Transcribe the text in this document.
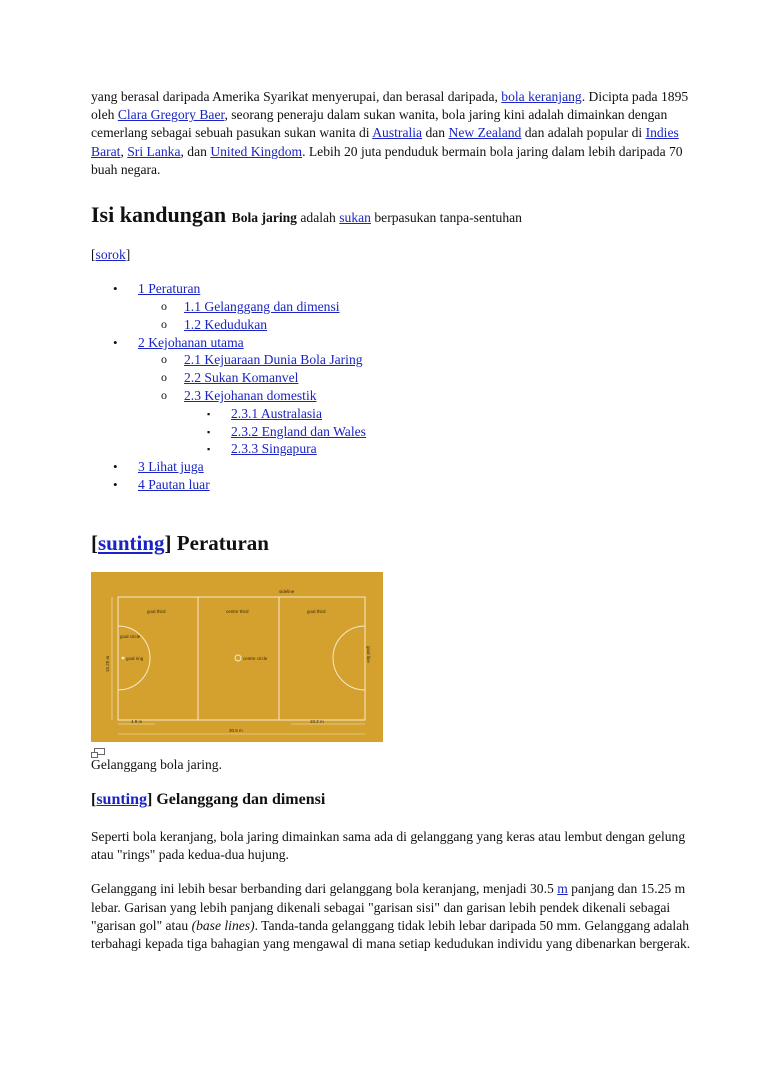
yang berasal daripada Amerika Syarikat menyerupai, dan berasal daripada, bola keranjang. Dicipta pada 1895 oleh Clara Gregory Baer, seorang peneraju dalam sukan wanita, bola jaring kini adalah dimainkan dengan cemerlang sebagai sebuah pasukan sukan wanita di Australia dan New Zealand dan adalah popular di Indies Barat, Sri Lanka, dan United Kingdom. Lebih 20 juta penduduk bermain bola jaring dalam lebih daripada 70 buah negara.

Isi kandungan Bola jaring adalah sukan berpasukan tanpa-sentuhan

[sorok]

• 1 Peraturan
o 1.1 Gelanggang dan dimensi
o 1.2 Kedudukan
• 2 Kejohanan utama
o 2.1 Kejuaraan Dunia Bola Jaring
o 2.2 Sukan Komanvel
o 2.3 Kejohanan domestik
▪ 2.3.1 Australasia
▪ 2.3.2 England dan Wales
▪ 2.3.3 Singapura
• 3 Lihat juga
• 4 Pautan luar
[sunting] Peraturan
sideline
goal third	centre third	goal third
goal circle
goal ring	centre circle	goal line
15.25 m
4.9 m	10.2 m
30.5 m

Gelanggang bola jaring.

[sunting] Gelanggang dan dimensi

Seperti bola keranjang, bola jaring dimainkan sama ada di gelanggang yang keras atau lembut dengan gelung atau "rings" pada kedua-dua hujung.

Gelanggang ini lebih besar berbanding dari gelanggang bola keranjang, menjadi 30.5 m panjang dan 15.25 m lebar. Garisan yang lebih panjang dikenali sebagai "garisan sisi" dan garisan lebih pendek dikenali sebagai "garisan gol" atau (base lines). Tanda-tanda gelanggang tidak lebih lebar daripada 50 mm. Gelanggang adalah terbahagi kepada tiga bahagian yang mengawal di mana setiap kedudukan individu yang dibenarkan bergerak.
